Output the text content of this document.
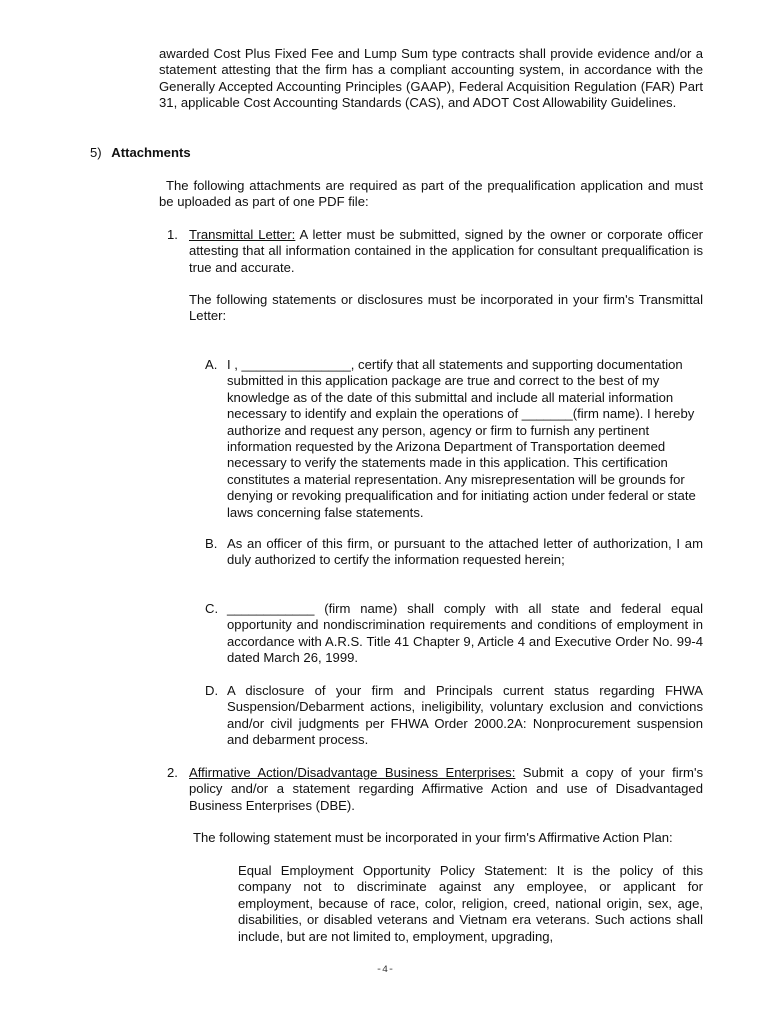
awarded Cost Plus Fixed Fee and Lump Sum type contracts shall provide evidence and/or a statement attesting that the firm has a compliant accounting system, in accordance with the Generally Accepted Accounting Principles (GAAP), Federal Acquisition Regulation (FAR) Part 31, applicable Cost Accounting Standards (CAS), and ADOT Cost Allowability Guidelines.

5) Attachments

The following attachments are required as part of the prequalification application and must be uploaded as part of one PDF file:

1. Transmittal Letter: A letter must be submitted, signed by the owner or corporate officer attesting that all information contained in the application for consultant prequalification is true and accurate.

The following statements or disclosures must be incorporated in your firm's Transmittal Letter:

A. I , _______________, certify that all statements and supporting documentation submitted in this application package are true and correct to the best of my knowledge as of the date of this submittal and include all material information necessary to identify and explain the operations of _______(firm name). I hereby authorize and request any person, agency or firm to furnish any pertinent information requested by the Arizona Department of Transportation deemed necessary to verify the statements made in this application. This certification constitutes a material representation. Any misrepresentation will be grounds for denying or revoking prequalification and for initiating action under federal or state laws concerning false statements.

B. As an officer of this firm, or pursuant to the attached letter of authorization, I am duly authorized to certify the information requested herein;

C. ____________ (firm name) shall comply with all state and federal equal opportunity and nondiscrimination requirements and conditions of employment in accordance with A.R.S. Title 41 Chapter 9, Article 4 and Executive Order No. 99-4 dated March 26, 1999.

D. A disclosure of your firm and Principals current status regarding FHWA Suspension/Debarment actions, ineligibility, voluntary exclusion and convictions and/or civil judgments per FHWA Order 2000.2A: Nonprocurement suspension and debarment process.

2. Affirmative Action/Disadvantage Business Enterprises: Submit a copy of your firm's policy and/or a statement regarding Affirmative Action and use of Disadvantaged Business Enterprises (DBE).

The following statement must be incorporated in your firm's Affirmative Action Plan:

Equal Employment Opportunity Policy Statement: It is the policy of this company not to discriminate against any employee, or applicant for employment, because of race, color, religion, creed, national origin, sex, age, disabilities, or disabled veterans and Vietnam era veterans. Such actions shall include, but are not limited to, employment, upgrading,

-4-
